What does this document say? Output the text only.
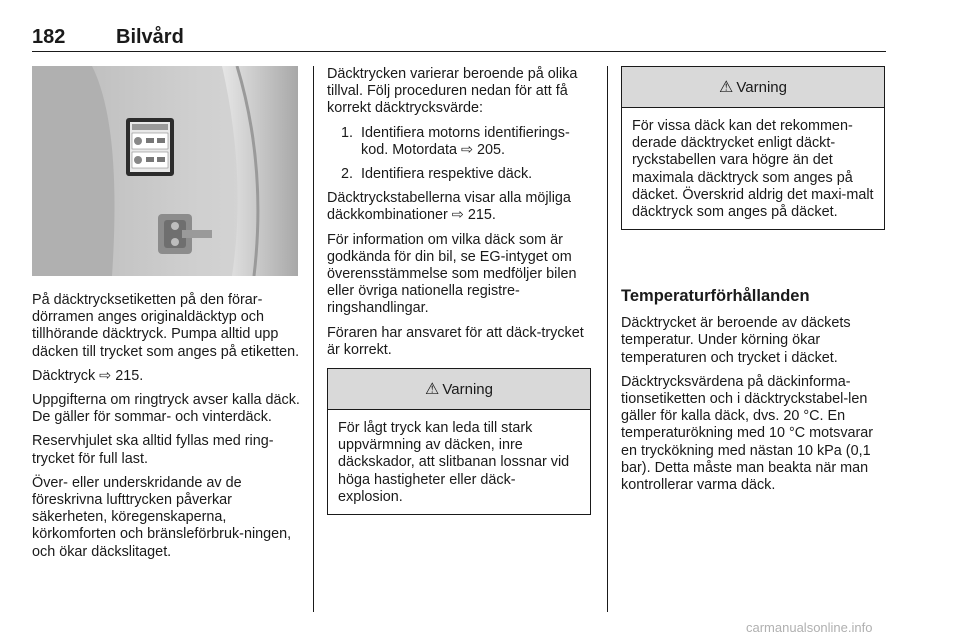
182	Bilvård

På däcktrycksetiketten på den förar-dörramen anges originaldäcktyp och tillhörande däcktryck. Pumpa alltid upp däcken till trycket som anges på etiketten.

Däcktryck ⇨ 215.

Uppgifterna om ringtryck avser kalla däck. De gäller för sommar- och vinterdäck.

Reservhjulet ska alltid fyllas med ring-trycket för full last.

Över- eller underskridande av de föreskrivna lufttrycken påverkar säkerheten, köregenskaperna, körkomforten och bränsleförbruk-ningen, och ökar däckslitaget.

Däcktrycken varierar beroende på olika tillval. Följ proceduren nedan för att få korrekt däcktrycksvärde:

1. Identifiera motorns identifierings-kod. Motordata ⇨ 205.
2. Identifiera respektive däck.

Däcktryckstabellerna visar alla möjliga däckkombinationer ⇨ 215.

För information om vilka däck som är godkända för din bil, se EG-intyget om överensstämmelse som medföljer bilen eller övriga nationella registre-ringshandlingar.

Föraren har ansvaret för att däck-trycket är korrekt.

⚠ Varning
För lågt tryck kan leda till stark uppvärmning av däcken, inre däckskador, att slitbanan lossnar vid höga hastigheter eller däck-explosion.
⚠ Varning
För vissa däck kan det rekommen-derade däcktrycket enligt däckt-ryckstabellen vara högre än det maximala däcktryck som anges på däcket. Överskrid aldrig det maxi-malt däcktryck som anges på däcket.
Temperaturförhållanden

Däcktrycket är beroende av däckets temperatur. Under körning ökar temperaturen och trycket i däcket.

Däcktrycksvärdena på däckinforma-tionsetiketten och i däcktryckstabel-len gäller för kalla däck, dvs. 20 °C. En temperaturökning med 10 °C motsvarar en tryckökning med nästan 10 kPa (0,1 bar). Detta måste man beakta när man kontrollerar varma däck.

carmanualsonline.info
